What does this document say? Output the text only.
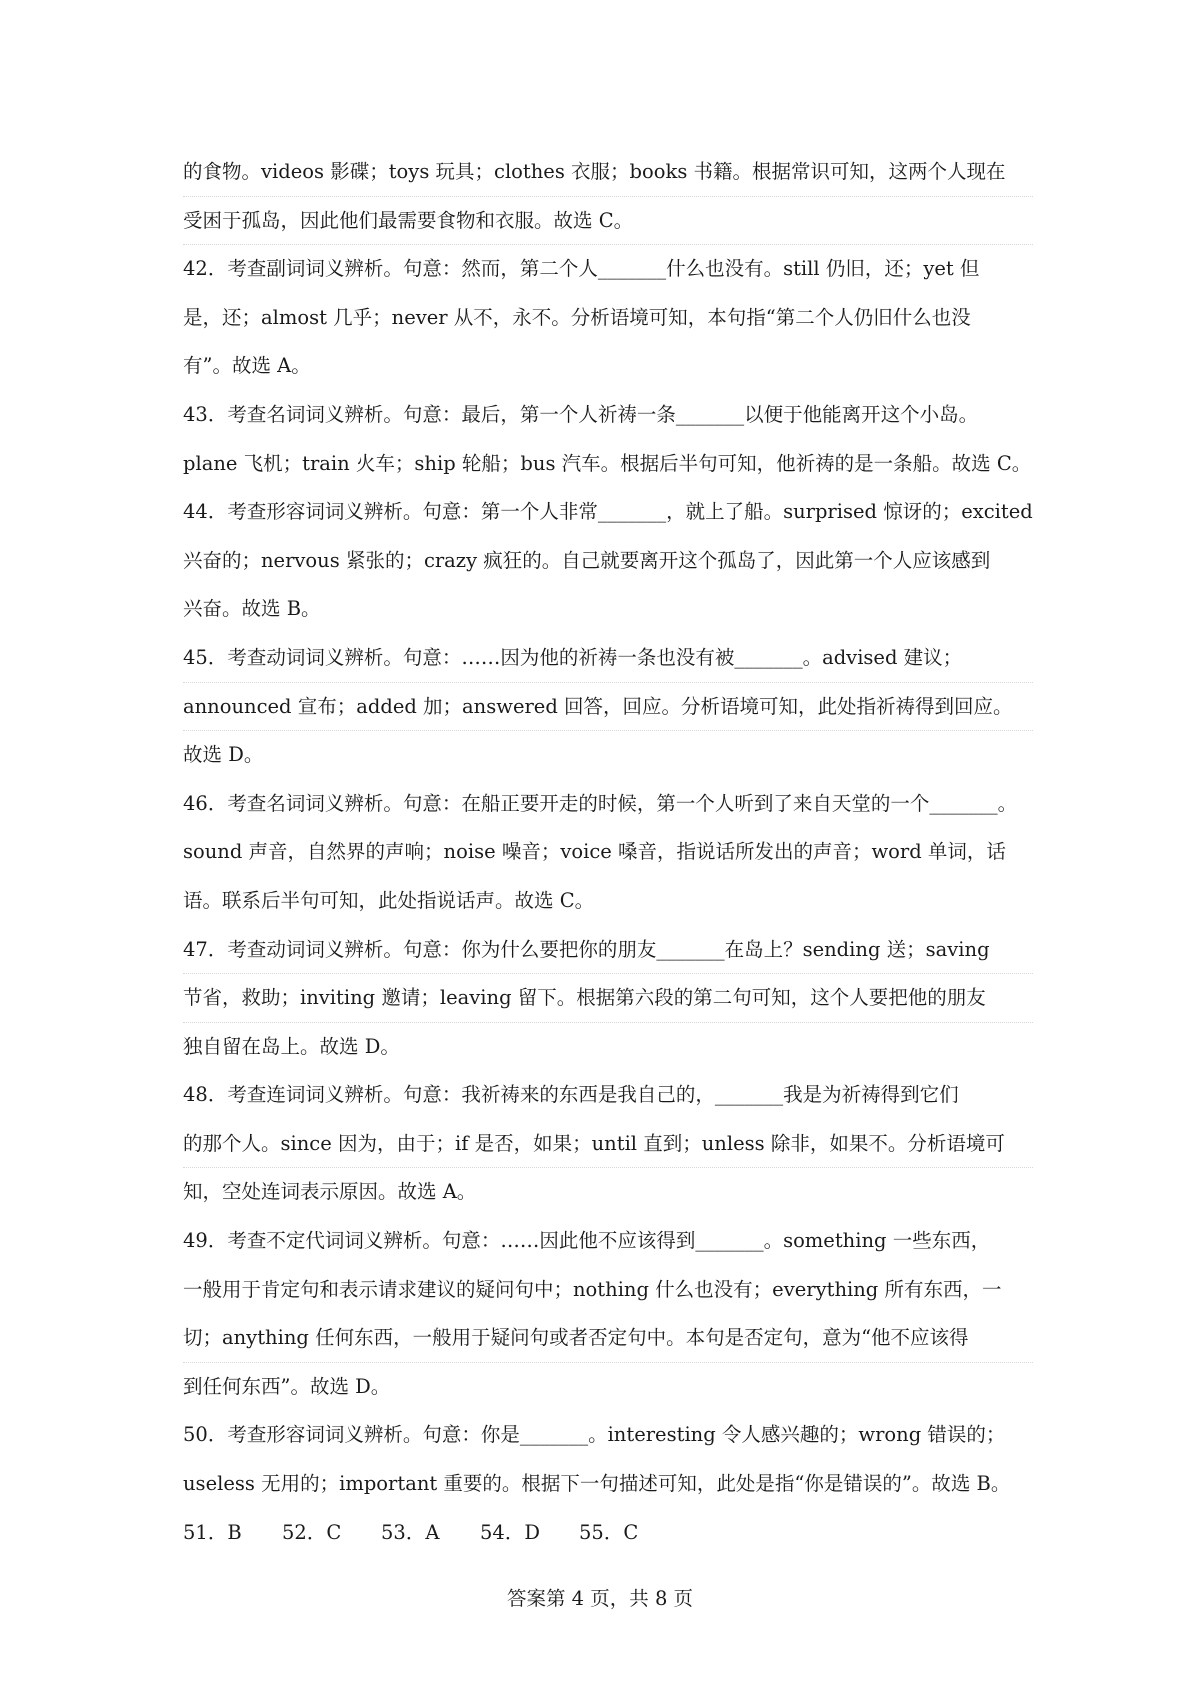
的食物。videos 影碟；toys 玩具；clothes 衣服；books 书籍。根据常识可知，这两个人现在
受困于孤岛，因此他们最需要食物和衣服。故选 C。
42．考查副词词义辨析。句意：然而，第二个人_______什么也没有。still 仍旧，还；yet 但
是，还；almost 几乎；never 从不，永不。分析语境可知，本句指“第二个人仍旧什么也没
有”。故选 A。
43．考查名词词义辨析。句意：最后，第一个人祈祷一条_______以便于他能离开这个小岛。
plane 飞机；train 火车；ship 轮船；bus 汽车。根据后半句可知，他祈祷的是一条船。故选 C。
44．考查形容词词义辨析。句意：第一个人非常_______，就上了船。surprised 惊讶的；excited
兴奋的；nervous 紧张的；crazy 疯狂的。自己就要离开这个孤岛了，因此第一个人应该感到
兴奋。故选 B。
45．考查动词词义辨析。句意：……因为他的祈祷一条也没有被_______。advised 建议；
announced 宣布；added 加；answered 回答，回应。分析语境可知，此处指祈祷得到回应。
故选 D。
46．考查名词词义辨析。句意：在船正要开走的时候，第一个人听到了来自天堂的一个_______。
sound 声音，自然界的声响；noise 噪音；voice 嗓音，指说话所发出的声音；word 单词，话
语。联系后半句可知，此处指说话声。故选 C。
47．考查动词词义辨析。句意：你为什么要把你的朋友_______在岛上？sending 送；saving
节省，救助；inviting 邀请；leaving 留下。根据第六段的第二句可知，这个人要把他的朋友
独自留在岛上。故选 D。
48．考查连词词义辨析。句意：我祈祷来的东西是我自己的，_______我是为祈祷得到它们
的那个人。since 因为，由于；if 是否，如果；until 直到；unless 除非，如果不。分析语境可
知，空处连词表示原因。故选 A。
49．考查不定代词词义辨析。句意：……因此他不应该得到_______。something 一些东西，
一般用于肯定句和表示请求建议的疑问句中；nothing 什么也没有；everything 所有东西，一
切；anything 任何东西，一般用于疑问句或者否定句中。本句是否定句，意为“他不应该得
到任何东西”。故选 D。
50．考查形容词词义辨析。句意：你是_______。interesting 令人感兴趣的；wrong 错误的；
useless 无用的；important 重要的。根据下一句描述可知，此处是指“你是错误的”。故选 B。
51．B 52．C 53．A 54．D 55．C
答案第 4 页，共 8 页
